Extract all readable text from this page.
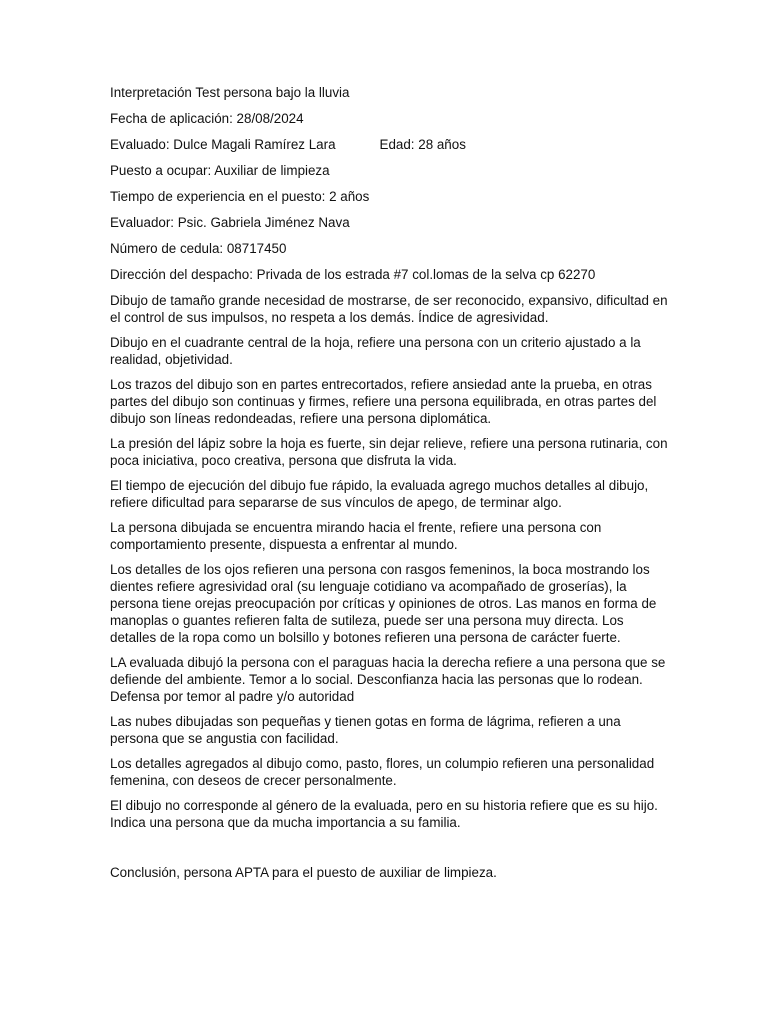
Interpretación Test persona bajo la lluvia
Fecha de aplicación: 28/08/2024
Evaluado: Dulce Magali Ramírez Lara	Edad: 28 años
Puesto a ocupar: Auxiliar de limpieza
Tiempo de experiencia en el puesto: 2 años
Evaluador: Psic. Gabriela Jiménez Nava
Número de cedula: 08717450
Dirección del despacho: Privada de los estrada #7 col.lomas de la selva cp 62270

Dibujo de tamaño grande necesidad de mostrarse, de ser reconocido, expansivo, dificultad en el control de sus impulsos, no respeta a los demás. Índice de agresividad.

Dibujo en el cuadrante central de la hoja, refiere una persona con un criterio ajustado a la realidad, objetividad.

Los trazos del dibujo son en partes entrecortados, refiere ansiedad ante la prueba, en otras partes del dibujo son continuas y firmes, refiere una persona equilibrada, en otras partes del dibujo son líneas redondeadas, refiere una persona diplomática.

La presión del lápiz sobre la hoja es fuerte, sin dejar relieve, refiere una persona rutinaria, con poca iniciativa, poco creativa, persona que disfruta la vida.

El tiempo de ejecución del dibujo fue rápido, la evaluada agrego muchos detalles al dibujo, refiere dificultad para separarse de sus vínculos de apego, de terminar algo.

La persona dibujada se encuentra mirando hacia el frente, refiere una persona con comportamiento presente, dispuesta a enfrentar al mundo.

Los detalles de los ojos refieren una persona con rasgos femeninos, la boca mostrando los dientes refiere agresividad oral (su lenguaje cotidiano va acompañado de groserías), la persona tiene orejas preocupación por críticas y opiniones de otros. Las manos en forma de manoplas o guantes refieren falta de sutileza, puede ser una persona muy directa. Los detalles de la ropa como un bolsillo y botones refieren una persona de carácter fuerte.

LA evaluada dibujó la persona con el paraguas hacia la derecha refiere a una persona que se defiende del ambiente. Temor a lo social. Desconfianza hacia las personas que lo rodean. Defensa por temor al padre y/o autoridad

Las nubes dibujadas son pequeñas y tienen gotas en forma de lágrima, refieren a una persona que se angustia con facilidad.

Los detalles agregados al dibujo como, pasto, flores, un columpio refieren una personalidad femenina, con deseos de crecer personalmente.

El dibujo no corresponde al género de la evaluada, pero en su historia refiere que es su hijo. Indica una persona que da mucha importancia a su familia.

Conclusión, persona APTA para el puesto de auxiliar de limpieza.
